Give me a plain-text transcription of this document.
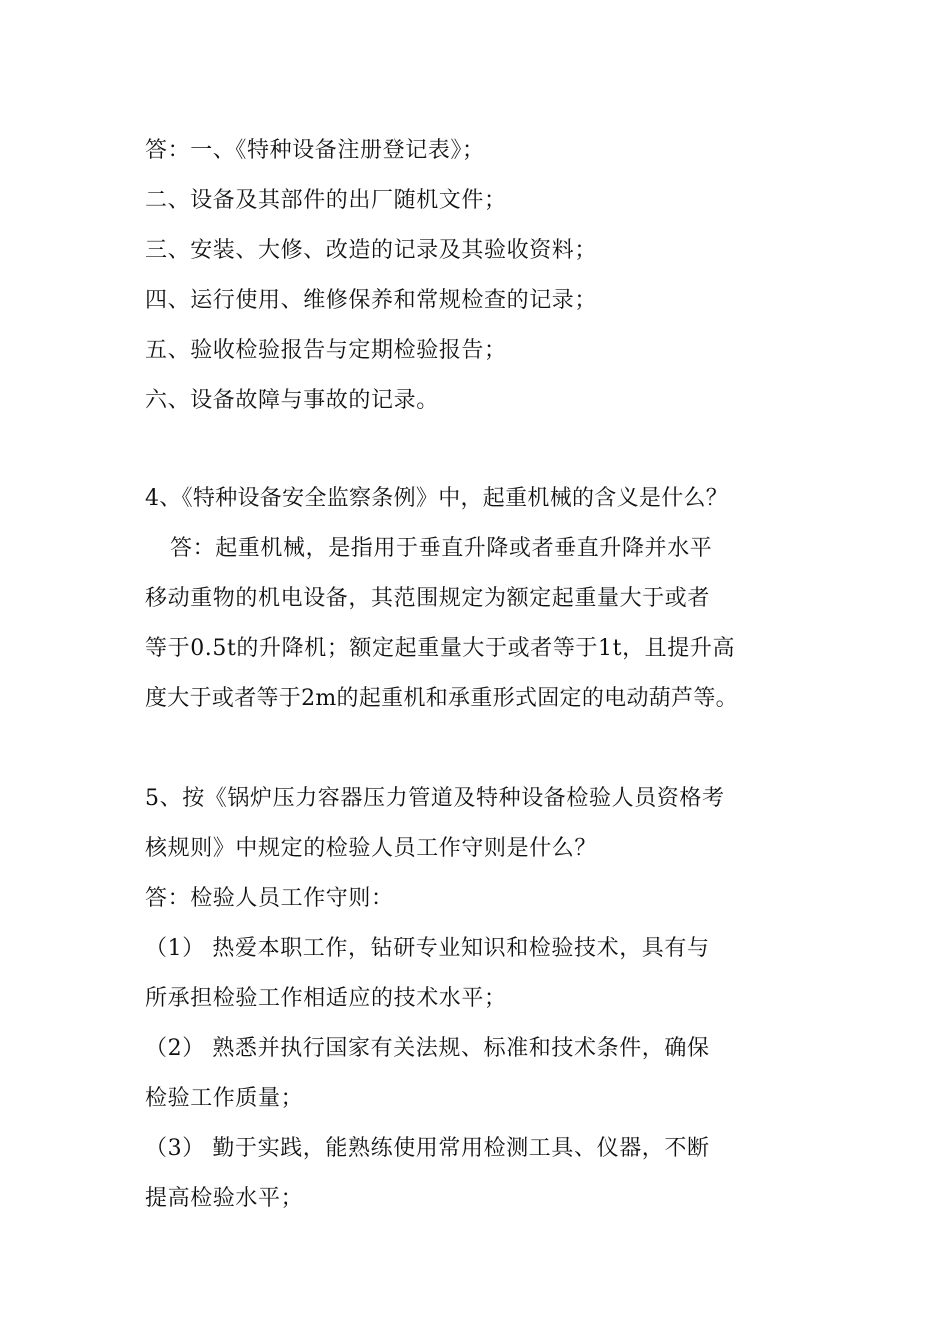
答：一、《特种设备注册登记表》；

二、设备及其部件的出厂随机文件；

三、安装、大修、改造的记录及其验收资料；

四、运行使用、维修保养和常规检查的记录；

五、验收检验报告与定期检验报告；

六、设备故障与事故的记录。

4、《特种设备安全监察条例》中，起重机械的含义是什么？

答：起重机械，是指用于垂直升降或者垂直升降并水平

移动重物的机电设备，其范围规定为额定起重量大于或者

等于0.5t的升降机；额定起重量大于或者等于1t，且提升高

度大于或者等于2m的起重机和承重形式固定的电动葫芦等。

5、按《锅炉压力容器压力管道及特种设备检验人员资格考

核规则》中规定的检验人员工作守则是什么？

答：检验人员工作守则：

（1） 热爱本职工作，钻研专业知识和检验技术，具有与

所承担检验工作相适应的技术水平；

（2） 熟悉并执行国家有关法规、标准和技术条件，确保

检验工作质量；

（3） 勤于实践，能熟练使用常用检测工具、仪器，不断

提高检验水平；
